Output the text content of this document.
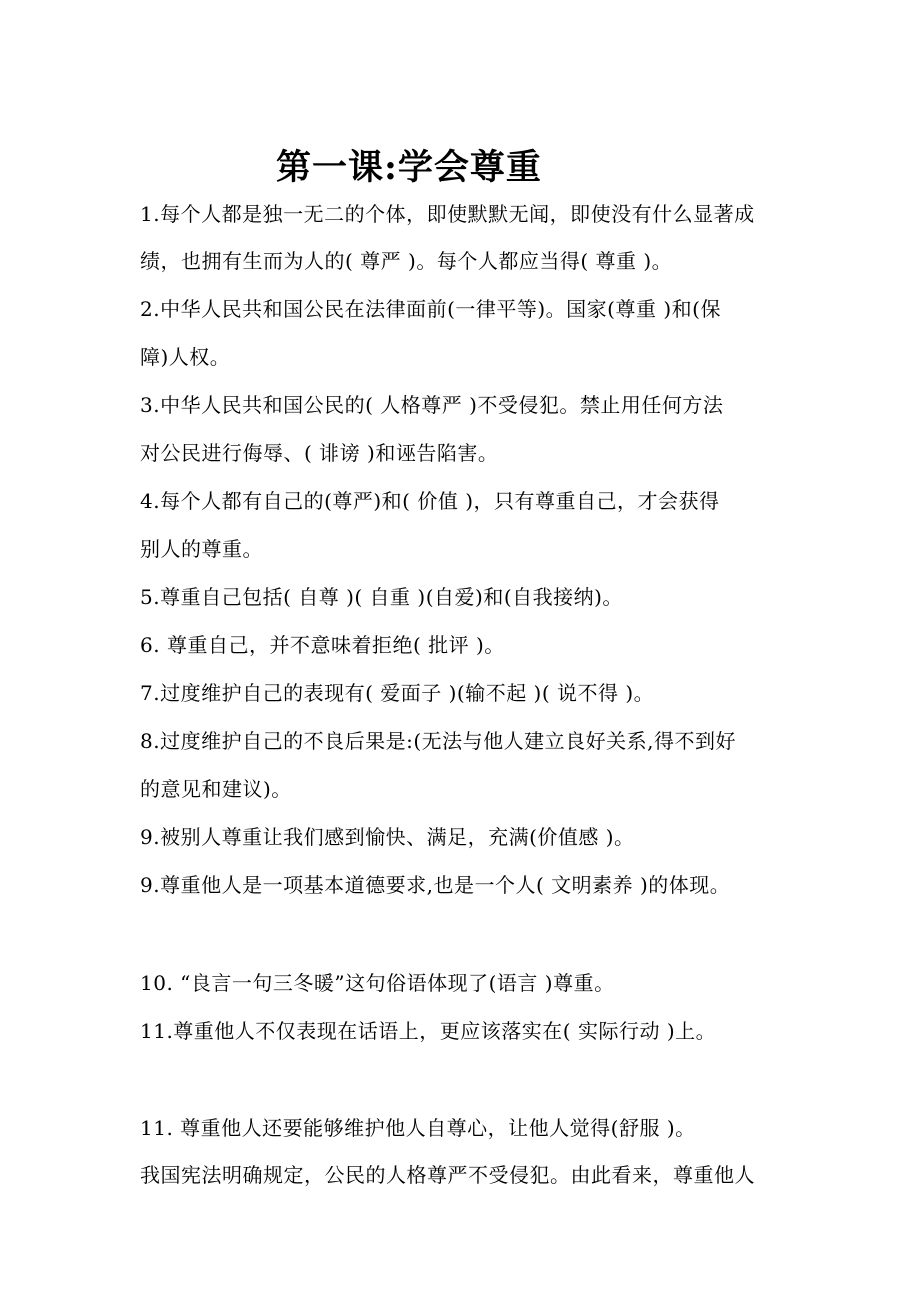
第一课:学会尊重
1.每个人都是独一无二的个体，即使默默无闻，即使没有什么显著成
绩，也拥有生而为人的( 尊严 )。每个人都应当得( 尊重 )。
2.中华人民共和国公民在法律面前(一律平等)。国家(尊重 )和(保
障)人权。
3.中华人民共和国公民的( 人格尊严 )不受侵犯。禁止用任何方法
对公民进行侮辱、( 诽谤 )和诬告陷害。
4.每个人都有自己的(尊严)和( 价值 )，只有尊重自己，才会获得
别人的尊重。
5.尊重自己包括( 自尊 )( 自重 )(自爱)和(自我接纳)。
6. 尊重自己，并不意味着拒绝( 批评 )。
7.过度维护自己的表现有( 爱面子 )(输不起 )( 说不得 )。
8.过度维护自己的不良后果是:(无法与他人建立良好关系,得不到好
的意见和建议)。
9.被别人尊重让我们感到愉快、满足，充满(价值感 )。
9.尊重他人是一项基本道德要求,也是一个人( 文明素养 )的体现。
10. “良言一句三冬暖”这句俗语体现了(语言 )尊重。
11.尊重他人不仅表现在话语上，更应该落实在( 实际行动 )上。
11. 尊重他人还要能够维护他人自尊心，让他人觉得(舒服 )。
我国宪法明确规定，公民的人格尊严不受侵犯。由此看来，尊重他人
